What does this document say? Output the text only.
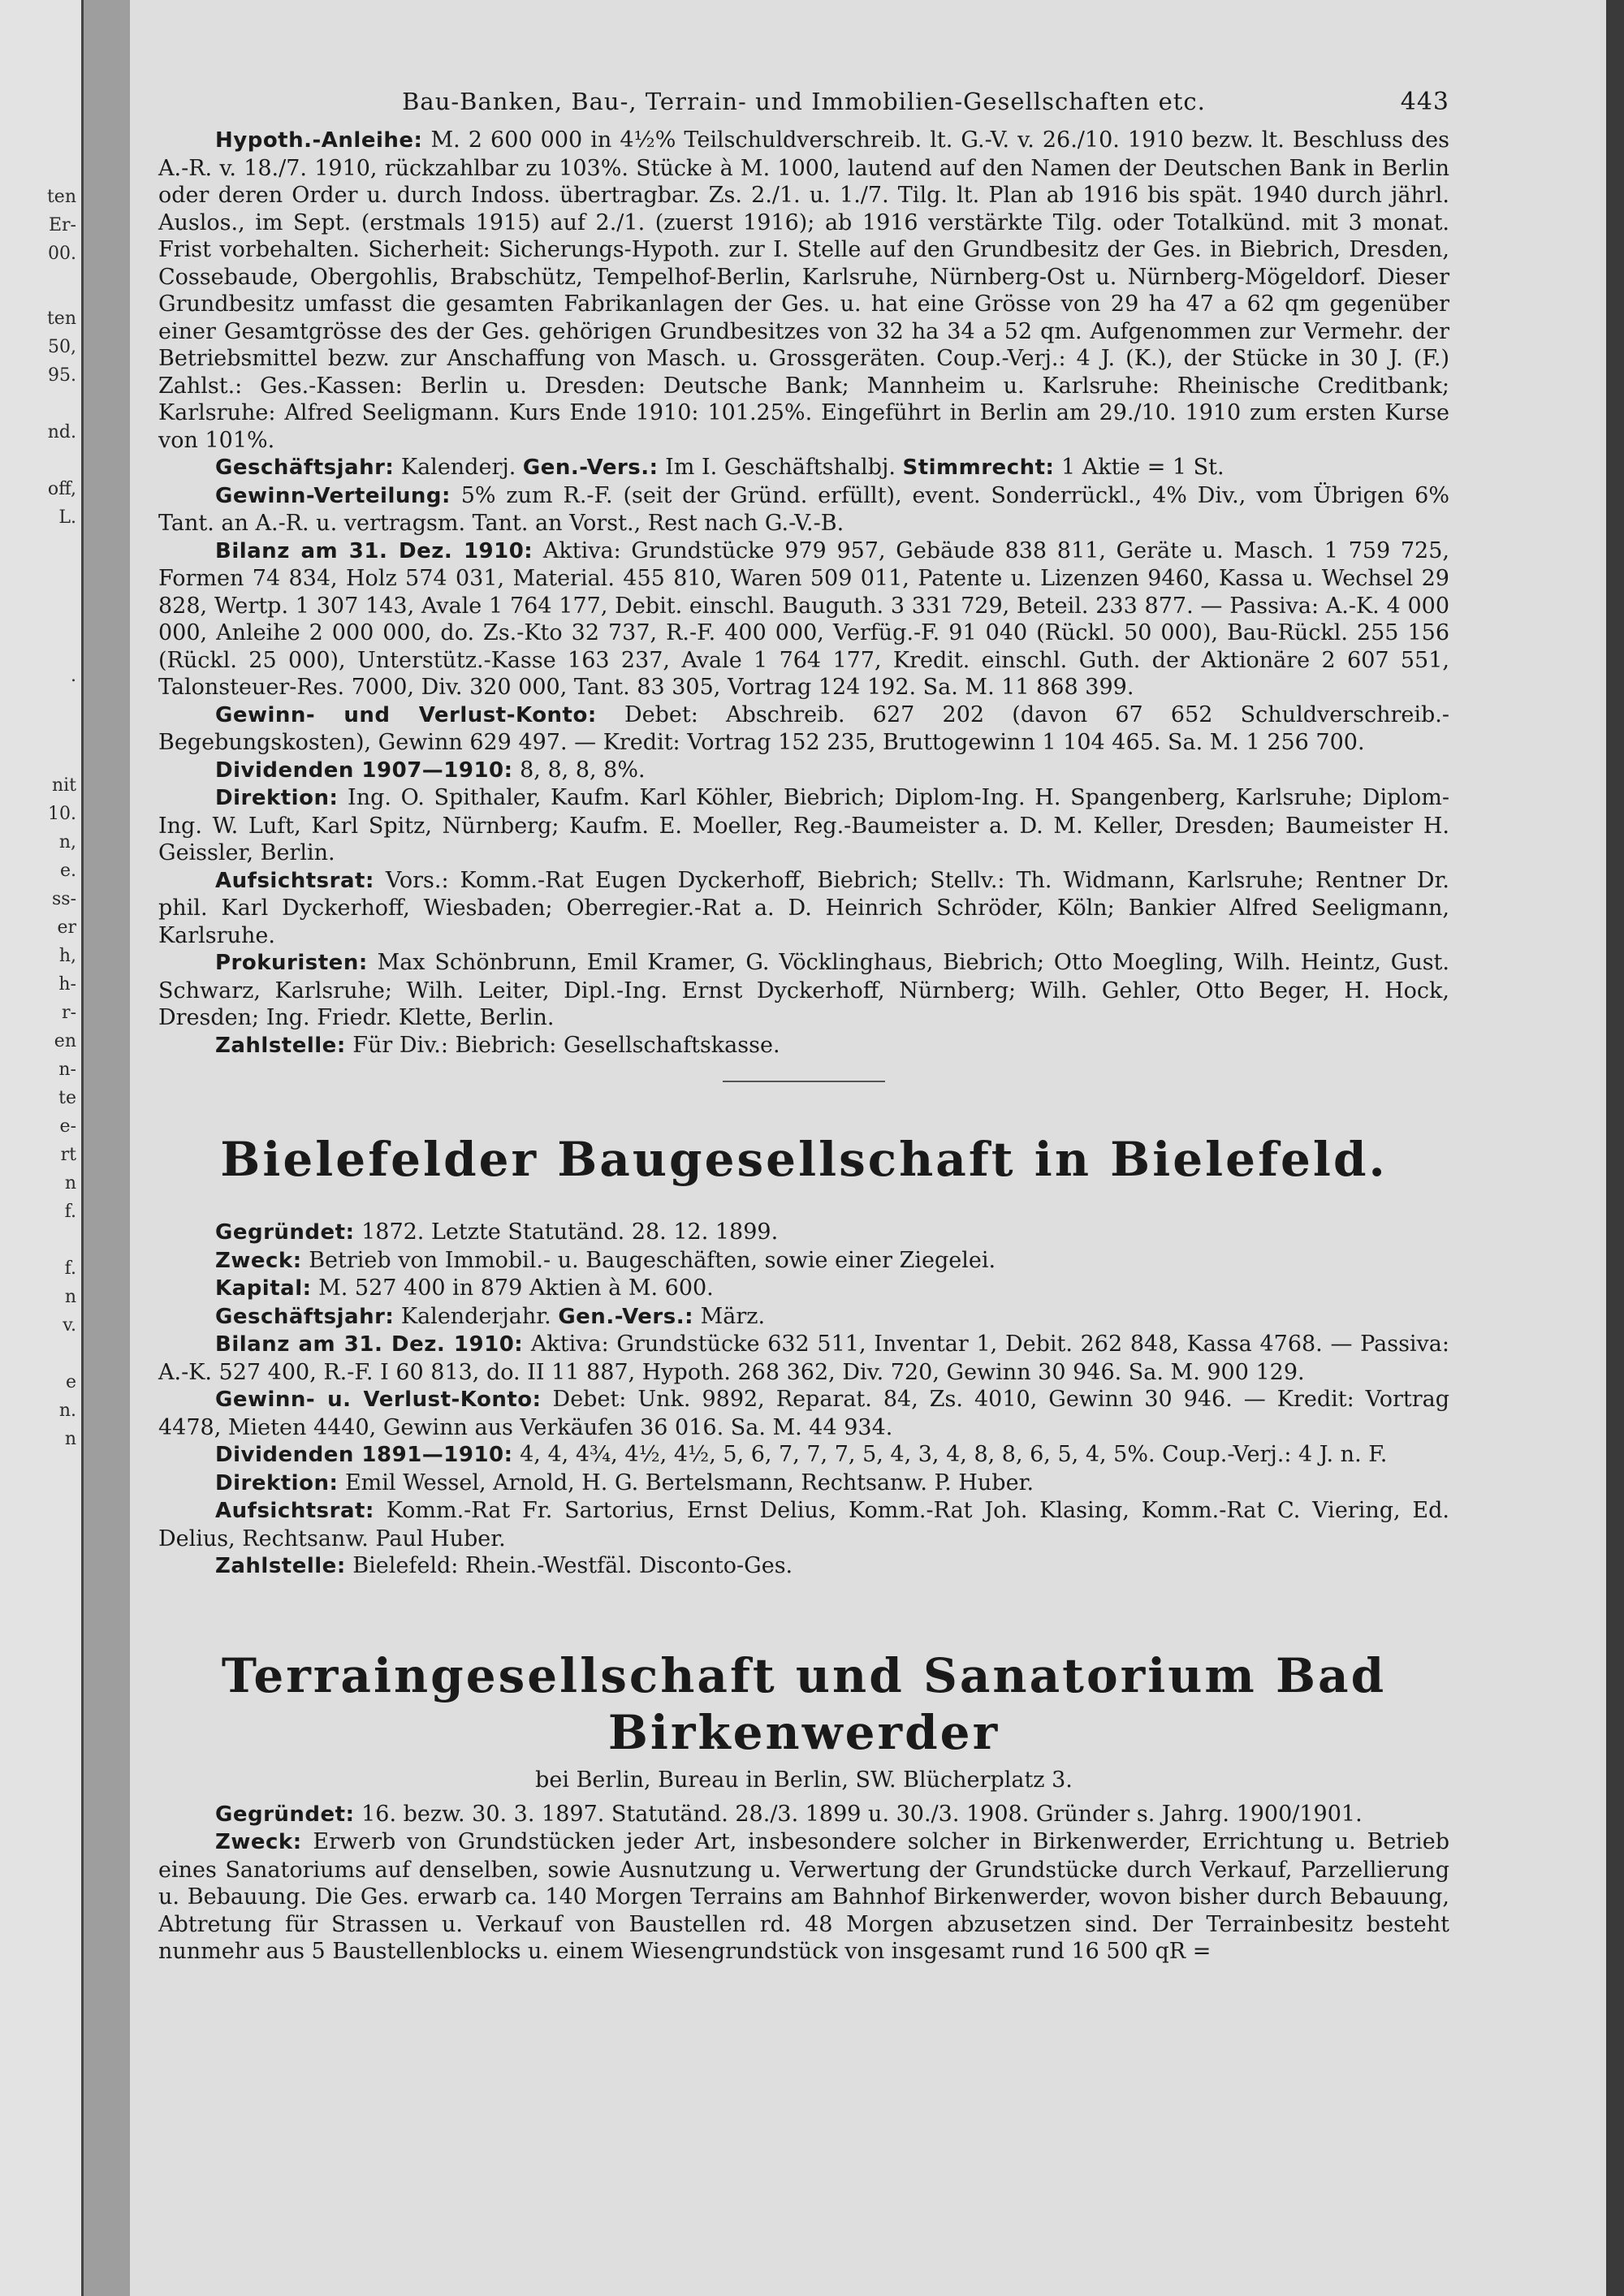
ten
Er-
00.
ten
50,
95.
nd.
off,
L.
.
nit
10.
n,
e.
ss-
er
h,
h-
r-
en
n-
te
e-
rt
n
f.
f.
n
v.
e
n.
n
Bau-Banken, Bau-, Terrain- und Immobilien-Gesellschaften etc.	443

Hypoth.-Anleihe: M. 2 600 000 in 4½% Teilschuldverschreib. lt. G.-V. v. 26./10. 1910 bezw. lt. Beschluss des A.-R. v. 18./7. 1910, rückzahlbar zu 103%. Stücke à M. 1000, lautend auf den Namen der Deutschen Bank in Berlin oder deren Order u. durch Indoss. übertragbar. Zs. 2./1. u. 1./7. Tilg. lt. Plan ab 1916 bis spät. 1940 durch jährl. Auslos., im Sept. (erstmals 1915) auf 2./1. (zuerst 1916); ab 1916 verstärkte Tilg. oder Totalkünd. mit 3 monat. Frist vorbehalten. Sicherheit: Sicherungs-Hypoth. zur I. Stelle auf den Grundbesitz der Ges. in Biebrich, Dresden, Cossebaude, Obergohlis, Brabschütz, Tempelhof-Berlin, Karlsruhe, Nürnberg-Ost u. Nürnberg-Mögeldorf. Dieser Grundbesitz umfasst die gesamten Fabrikanlagen der Ges. u. hat eine Grösse von 29 ha 47 a 62 qm gegenüber einer Gesamtgrösse des der Ges. gehörigen Grundbesitzes von 32 ha 34 a 52 qm. Aufgenommen zur Vermehr. der Betriebsmittel bezw. zur Anschaffung von Masch. u. Grossgeräten. Coup.-Verj.: 4 J. (K.), der Stücke in 30 J. (F.) Zahlst.: Ges.-Kassen: Berlin u. Dresden: Deutsche Bank; Mannheim u. Karlsruhe: Rheinische Creditbank; Karlsruhe: Alfred Seeligmann. Kurs Ende 1910: 101.25%. Eingeführt in Berlin am 29./10. 1910 zum ersten Kurse von 101%.

Geschäftsjahr: Kalenderj. Gen.-Vers.: Im I. Geschäftshalbj. Stimmrecht: 1 Aktie = 1 St.

Gewinn-Verteilung: 5% zum R.-F. (seit der Gründ. erfüllt), event. Sonderrückl., 4% Div., vom Übrigen 6% Tant. an A.-R. u. vertragsm. Tant. an Vorst., Rest nach G.-V.-B.

Bilanz am 31. Dez. 1910: Aktiva: Grundstücke 979 957, Gebäude 838 811, Geräte u. Masch. 1 759 725, Formen 74 834, Holz 574 031, Material. 455 810, Waren 509 011, Patente u. Lizenzen 9460, Kassa u. Wechsel 29 828, Wertp. 1 307 143, Avale 1 764 177, Debit. einschl. Bauguth. 3 331 729, Beteil. 233 877. — Passiva: A.-K. 4 000 000, Anleihe 2 000 000, do. Zs.-Kto 32 737, R.-F. 400 000, Verfüg.-F. 91 040 (Rückl. 50 000), Bau-Rückl. 255 156 (Rückl. 25 000), Unterstütz.-Kasse 163 237, Avale 1 764 177, Kredit. einschl. Guth. der Aktionäre 2 607 551, Talonsteuer-Res. 7000, Div. 320 000, Tant. 83 305, Vortrag 124 192. Sa. M. 11 868 399.

Gewinn- und Verlust-Konto: Debet: Abschreib. 627 202 (davon 67 652 Schuldverschreib.-Begebungskosten), Gewinn 629 497. — Kredit: Vortrag 152 235, Bruttogewinn 1 104 465. Sa. M. 1 256 700.

Dividenden 1907—1910: 8, 8, 8, 8%.

Direktion: Ing. O. Spithaler, Kaufm. Karl Köhler, Biebrich; Diplom-Ing. H. Spangenberg, Karlsruhe; Diplom-Ing. W. Luft, Karl Spitz, Nürnberg; Kaufm. E. Moeller, Reg.-Baumeister a. D. M. Keller, Dresden; Baumeister H. Geissler, Berlin.

Aufsichtsrat: Vors.: Komm.-Rat Eugen Dyckerhoff, Biebrich; Stellv.: Th. Widmann, Karlsruhe; Rentner Dr. phil. Karl Dyckerhoff, Wiesbaden; Oberregier.-Rat a. D. Heinrich Schröder, Köln; Bankier Alfred Seeligmann, Karlsruhe.

Prokuristen: Max Schönbrunn, Emil Kramer, G. Vöcklinghaus, Biebrich; Otto Moegling, Wilh. Heintz, Gust. Schwarz, Karlsruhe; Wilh. Leiter, Dipl.-Ing. Ernst Dyckerhoff, Nürnberg; Wilh. Gehler, Otto Beger, H. Hock, Dresden; Ing. Friedr. Klette, Berlin.

Zahlstelle: Für Div.: Biebrich: Gesellschaftskasse.

Bielefelder Baugesellschaft in Bielefeld.

Gegründet: 1872. Letzte Statutänd. 28. 12. 1899.

Zweck: Betrieb von Immobil.- u. Baugeschäften, sowie einer Ziegelei.

Kapital: M. 527 400 in 879 Aktien à M. 600.

Geschäftsjahr: Kalenderjahr. Gen.-Vers.: März.

Bilanz am 31. Dez. 1910: Aktiva: Grundstücke 632 511, Inventar 1, Debit. 262 848, Kassa 4768. — Passiva: A.-K. 527 400, R.-F. I 60 813, do. II 11 887, Hypoth. 268 362, Div. 720, Gewinn 30 946. Sa. M. 900 129.

Gewinn- u. Verlust-Konto: Debet: Unk. 9892, Reparat. 84, Zs. 4010, Gewinn 30 946. — Kredit: Vortrag 4478, Mieten 4440, Gewinn aus Verkäufen 36 016. Sa. M. 44 934.

Dividenden 1891—1910: 4, 4, 4¾, 4½, 4½, 5, 6, 7, 7, 7, 5, 4, 3, 4, 8, 8, 6, 5, 4, 5%. Coup.-Verj.: 4 J. n. F.

Direktion: Emil Wessel, Arnold, H. G. Bertelsmann, Rechtsanw. P. Huber.

Aufsichtsrat: Komm.-Rat Fr. Sartorius, Ernst Delius, Komm.-Rat Joh. Klasing, Komm.-Rat C. Viering, Ed. Delius, Rechtsanw. Paul Huber.

Zahlstelle: Bielefeld: Rhein.-Westfäl. Disconto-Ges.

Terraingesellschaft und Sanatorium Bad Birkenwerder
bei Berlin, Bureau in Berlin, SW. Blücherplatz 3.

Gegründet: 16. bezw. 30. 3. 1897. Statutänd. 28./3. 1899 u. 30./3. 1908. Gründer s. Jahrg. 1900/1901.

Zweck: Erwerb von Grundstücken jeder Art, insbesondere solcher in Birkenwerder, Errichtung u. Betrieb eines Sanatoriums auf denselben, sowie Ausnutzung u. Verwertung der Grundstücke durch Verkauf, Parzellierung u. Bebauung. Die Ges. erwarb ca. 140 Morgen Terrains am Bahnhof Birkenwerder, wovon bisher durch Bebauung, Abtretung für Strassen u. Verkauf von Baustellen rd. 48 Morgen abzusetzen sind. Der Terrainbesitz besteht nunmehr aus 5 Baustellenblocks u. einem Wiesengrundstück von insgesamt rund 16 500 qR =
